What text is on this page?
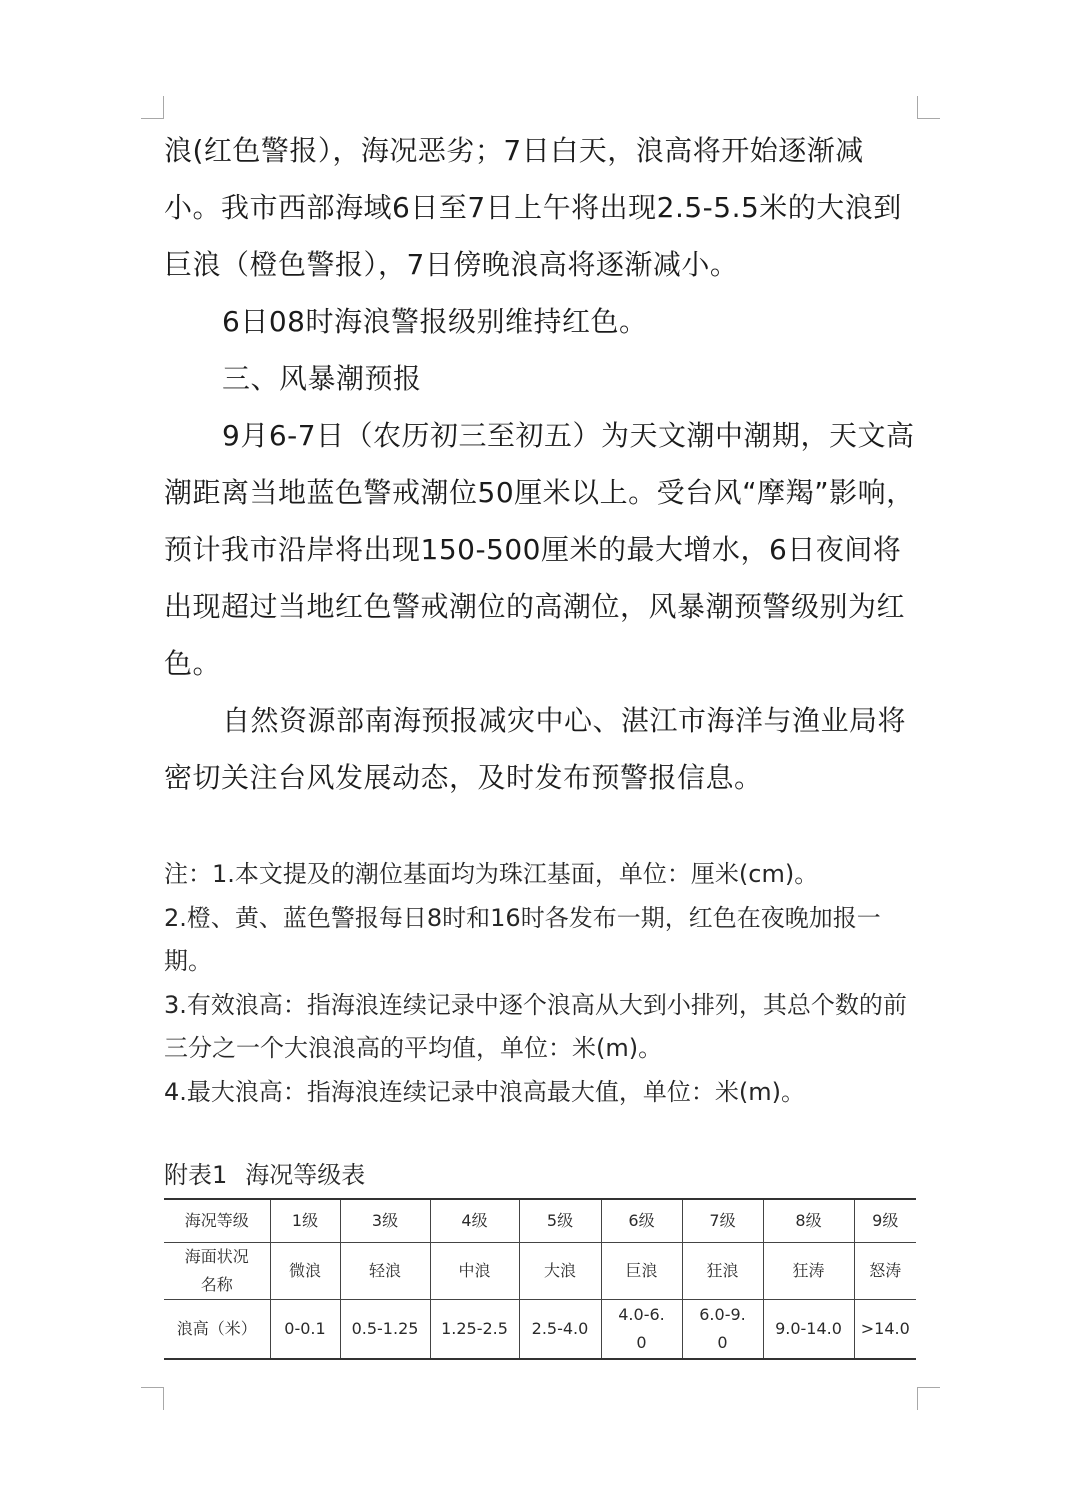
浪(红色警报），海况恶劣；7日白天，浪高将开始逐渐减小。我市西部海域6日至7日上午将出现2.5-5.5米的大浪到巨浪（橙色警报），7日傍晚浪高将逐渐减小。

6日08时海浪警报级别维持红色。

三、风暴潮预报

9月6-7日（农历初三至初五）为天文潮中潮期，天文高潮距离当地蓝色警戒潮位50厘米以上。受台风“摩羯”影响，预计我市沿岸将出现150-500厘米的最大增水，6日夜间将出现超过当地红色警戒潮位的高潮位，风暴潮预警级别为红色。

自然资源部南海预报减灾中心、湛江市海洋与渔业局将密切关注台风发展动态，及时发布预警报信息。

注：1.本文提及的潮位基面均为珠江基面，单位：厘米(cm)。

2.橙、黄、蓝色警报每日8时和16时各发布一期，红色在夜晚加报一期。

3.有效浪高：指海浪连续记录中逐个浪高从大到小排列，其总个数的前三分之一个大浪浪高的平均值，单位：米(m)。

4.最大浪高：指海浪连续记录中浪高最大值，单位：米(m)。

附表1 海况等级表
海况等级	1级	3级	4级	5级	6级	7级	8级	9级
海面状况名称	微浪	轻浪	中浪	大浪	巨浪	狂浪	狂涛	怒涛
浪高（米）	0-0.1	0.5-1.25	1.25-2.5	2.5-4.0	4.0-6.0	6.0-9.0	9.0-14.0	>14.0
